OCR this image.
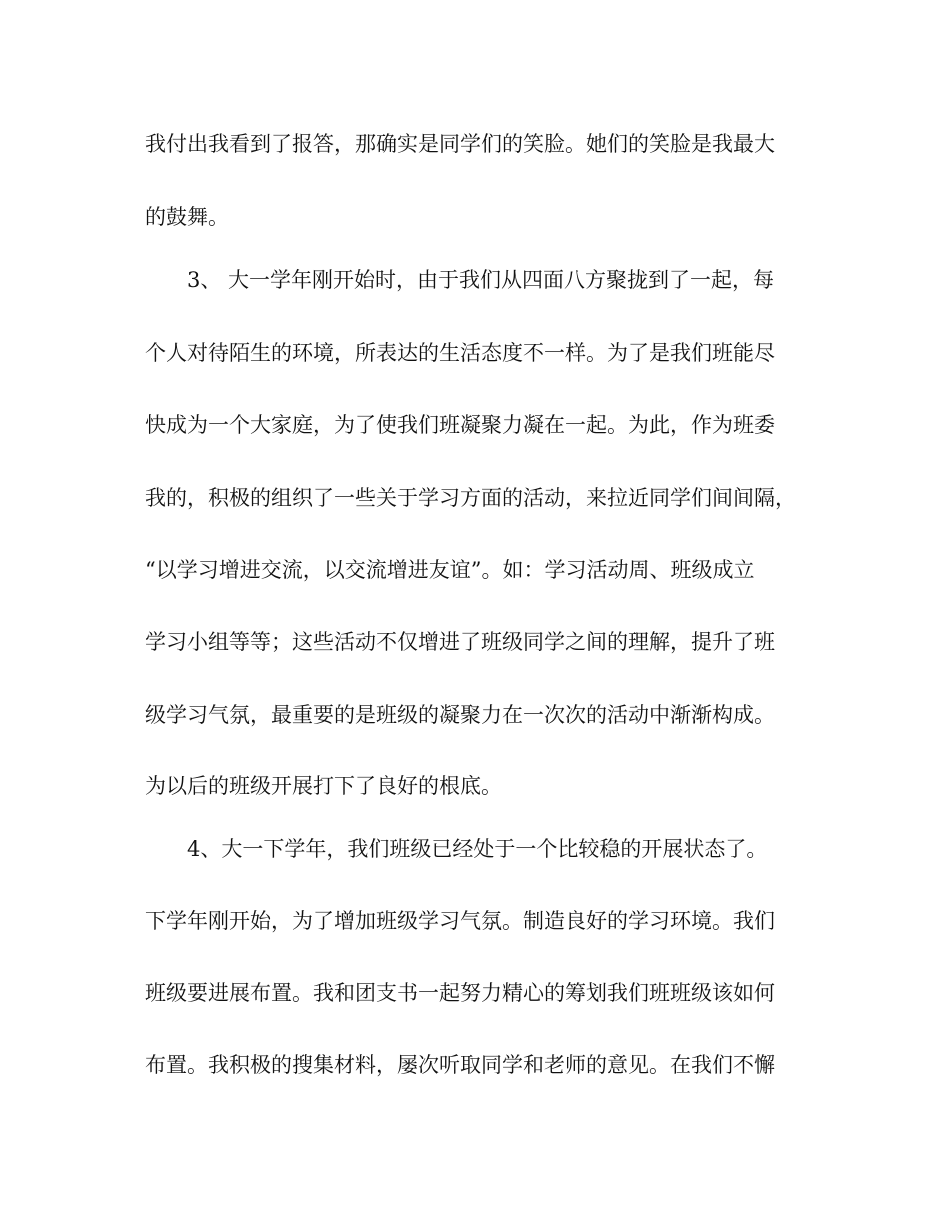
我付出我看到了报答，那确实是同学们的笑脸。她们的笑脸是我最大
的鼓舞。
3、 大一学年刚开始时，由于我们从四面八方聚拢到了一起，每
个人对待陌生的环境，所表达的生活态度不一样。为了是我们班能尽
快成为一个大家庭，为了使我们班凝聚力凝在一起。为此，作为班委
我的，积极的组织了一些关于学习方面的活动，来拉近同学们间间隔，
“以学习增进交流，以交流增进友谊”。如：学习活动周、班级成立
学习小组等等；这些活动不仅增进了班级同学之间的理解，提升了班
级学习气氛，最重要的是班级的凝聚力在一次次的活动中渐渐构成。
为以后的班级开展打下了良好的根底。
4、大一下学年，我们班级已经处于一个比较稳的开展状态了。
下学年刚开始，为了增加班级学习气氛。制造良好的学习环境。我们
班级要进展布置。我和团支书一起努力精心的筹划我们班班级该如何
布置。我积极的搜集材料，屡次听取同学和老师的意见。在我们不懈
